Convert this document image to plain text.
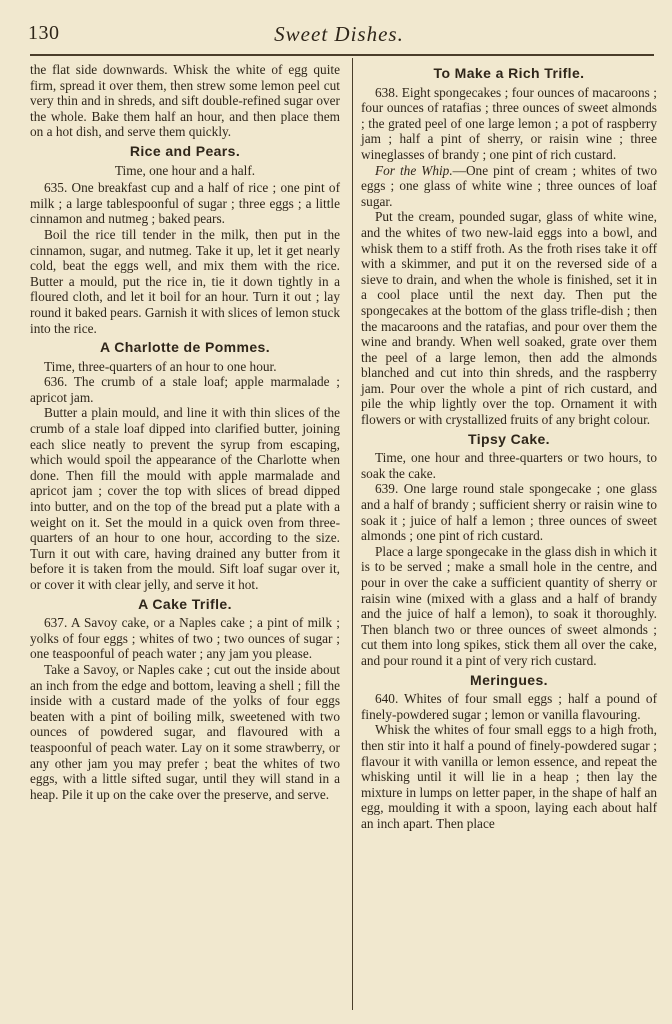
130	Sweet Dishes.

the flat side downwards. Whisk the white of egg quite firm, spread it over them, then strew some lemon peel cut very thin and in shreds, and sift double-refined sugar over the whole. Bake them half an hour, and then place them on a hot dish, and serve them quickly.

Rice and Pears.

Time, one hour and a half.

635. One breakfast cup and a half of rice ; one pint of milk ; a large tablespoonful of sugar ; three eggs ; a little cinnamon and nutmeg ; baked pears.

Boil the rice till tender in the milk, then put in the cinnamon, sugar, and nutmeg. Take it up, let it get nearly cold, beat the eggs well, and mix them with the rice. Butter a mould, put the rice in, tie it down tightly in a floured cloth, and let it boil for an hour. Turn it out ; lay round it baked pears. Garnish it with slices of lemon stuck into the rice.

A Charlotte de Pommes.

Time, three-quarters of an hour to one hour.

636. The crumb of a stale loaf; apple marmalade ; apricot jam.

Butter a plain mould, and line it with thin slices of the crumb of a stale loaf dipped into clarified butter, joining each slice neatly to prevent the syrup from escaping, which would spoil the appearance of the Charlotte when done. Then fill the mould with apple marmalade and apricot jam ; cover the top with slices of bread dipped into butter, and on the top of the bread put a plate with a weight on it. Set the mould in a quick oven from three-quarters of an hour to one hour, according to the size. Turn it out with care, having drained any butter from it before it is taken from the mould. Sift loaf sugar over it, or cover it with clear jelly, and serve it hot.

A Cake Trifle.

637. A Savoy cake, or a Naples cake ; a pint of milk ; yolks of four eggs ; whites of two ; two ounces of sugar ; one teaspoonful of peach water ; any jam you please.

Take a Savoy, or Naples cake ; cut out the inside about an inch from the edge and bottom, leaving a shell ; fill the inside with a custard made of the yolks of four eggs beaten with a pint of boiling milk, sweetened with two ounces of powdered sugar, and flavoured with a teaspoonful of peach water. Lay on it some strawberry, or any other jam you may prefer ; beat the whites of two eggs, with a little sifted sugar, until they will stand in a heap. Pile it up on the cake over the preserve, and serve.

To Make a Rich Trifle.

638. Eight spongecakes ; four ounces of macaroons ; four ounces of ratafias ; three ounces of sweet almonds ; the grated peel of one large lemon ; a pot of raspberry jam ; half a pint of sherry, or raisin wine ; three wineglasses of brandy ; one pint of rich custard.

For the Whip.—One pint of cream ; whites of two eggs ; one glass of white wine ; three ounces of loaf sugar.

Put the cream, pounded sugar, glass of white wine, and the whites of two new-laid eggs into a bowl, and whisk them to a stiff froth. As the froth rises take it off with a skimmer, and put it on the reversed side of a sieve to drain, and when the whole is finished, set it in a cool place until the next day. Then put the spongecakes at the bottom of the glass trifle-dish ; then the macaroons and the ratafias, and pour over them the wine and brandy. When well soaked, grate over them the peel of a large lemon, then add the almonds blanched and cut into thin shreds, and the raspberry jam. Pour over the whole a pint of rich custard, and pile the whip lightly over the top. Ornament it with flowers or with crystallized fruits of any bright colour.

Tipsy Cake.

Time, one hour and three-quarters or two hours, to soak the cake.

639. One large round stale spongecake ; one glass and a half of brandy ; sufficient sherry or raisin wine to soak it ; juice of half a lemon ; three ounces of sweet almonds ; one pint of rich custard.

Place a large spongecake in the glass dish in which it is to be served ; make a small hole in the centre, and pour in over the cake a sufficient quantity of sherry or raisin wine (mixed with a glass and a half of brandy and the juice of half a lemon), to soak it thoroughly. Then blanch two or three ounces of sweet almonds ; cut them into long spikes, stick them all over the cake, and pour round it a pint of very rich custard.

Meringues.

640. Whites of four small eggs ; half a pound of finely-powdered sugar ; lemon or vanilla flavouring.

Whisk the whites of four small eggs to a high froth, then stir into it half a pound of finely-powdered sugar ; flavour it with vanilla or lemon essence, and repeat the whisking until it will lie in a heap ; then lay the mixture in lumps on letter paper, in the shape of half an egg, moulding it with a spoon, laying each about half an inch apart. Then place
